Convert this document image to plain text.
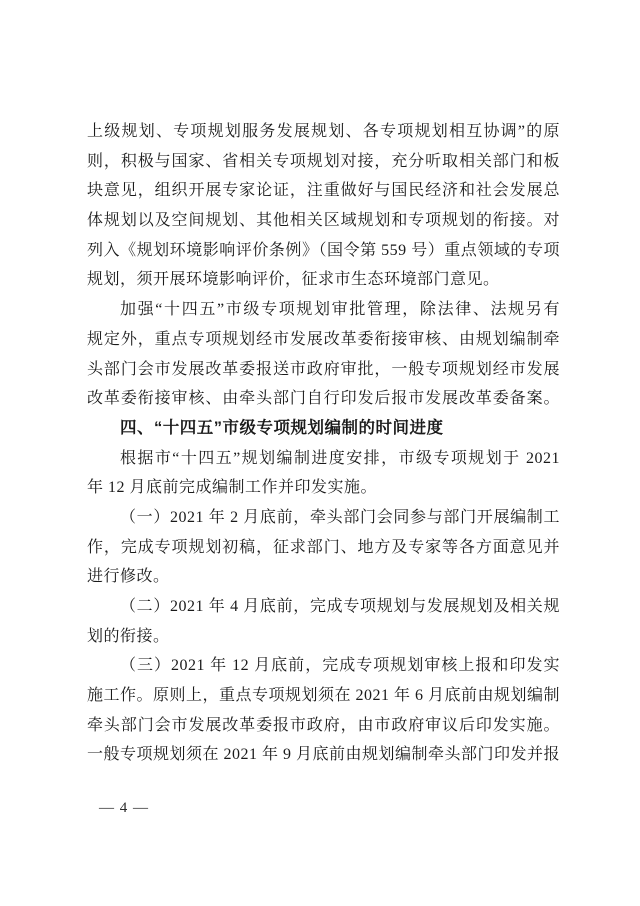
上级规划、专项规划服务发展规划、各专项规划相互协调”的原
则，积极与国家、省相关专项规划对接，充分听取相关部门和板
块意见，组织开展专家论证，注重做好与国民经济和社会发展总
体规划以及空间规划、其他相关区域规划和专项规划的衔接。对
列入《规划环境影响评价条例》（国令第 559 号）重点领域的专项
规划，须开展环境影响评价，征求市生态环境部门意见。
加强“十四五”市级专项规划审批管理，除法律、法规另有
规定外，重点专项规划经市发展改革委衔接审核、由规划编制牵
头部门会市发展改革委报送市政府审批，一般专项规划经市发展
改革委衔接审核、由牵头部门自行印发后报市发展改革委备案。
四、“十四五”市级专项规划编制的时间进度
根据市“十四五”规划编制进度安排，市级专项规划于 2021
年 12 月底前完成编制工作并印发实施。
（一）2021 年 2 月底前，牵头部门会同参与部门开展编制工
作，完成专项规划初稿，征求部门、地方及专家等各方面意见并
进行修改。
（二）2021 年 4 月底前，完成专项规划与发展规划及相关规
划的衔接。
（三）2021 年 12 月底前，完成专项规划审核上报和印发实
施工作。原则上，重点专项规划须在 2021 年 6 月底前由规划编制
牵头部门会市发展改革委报市政府，由市政府审议后印发实施。
一般专项规划须在 2021 年 9 月底前由规划编制牵头部门印发并报
— 4 —
